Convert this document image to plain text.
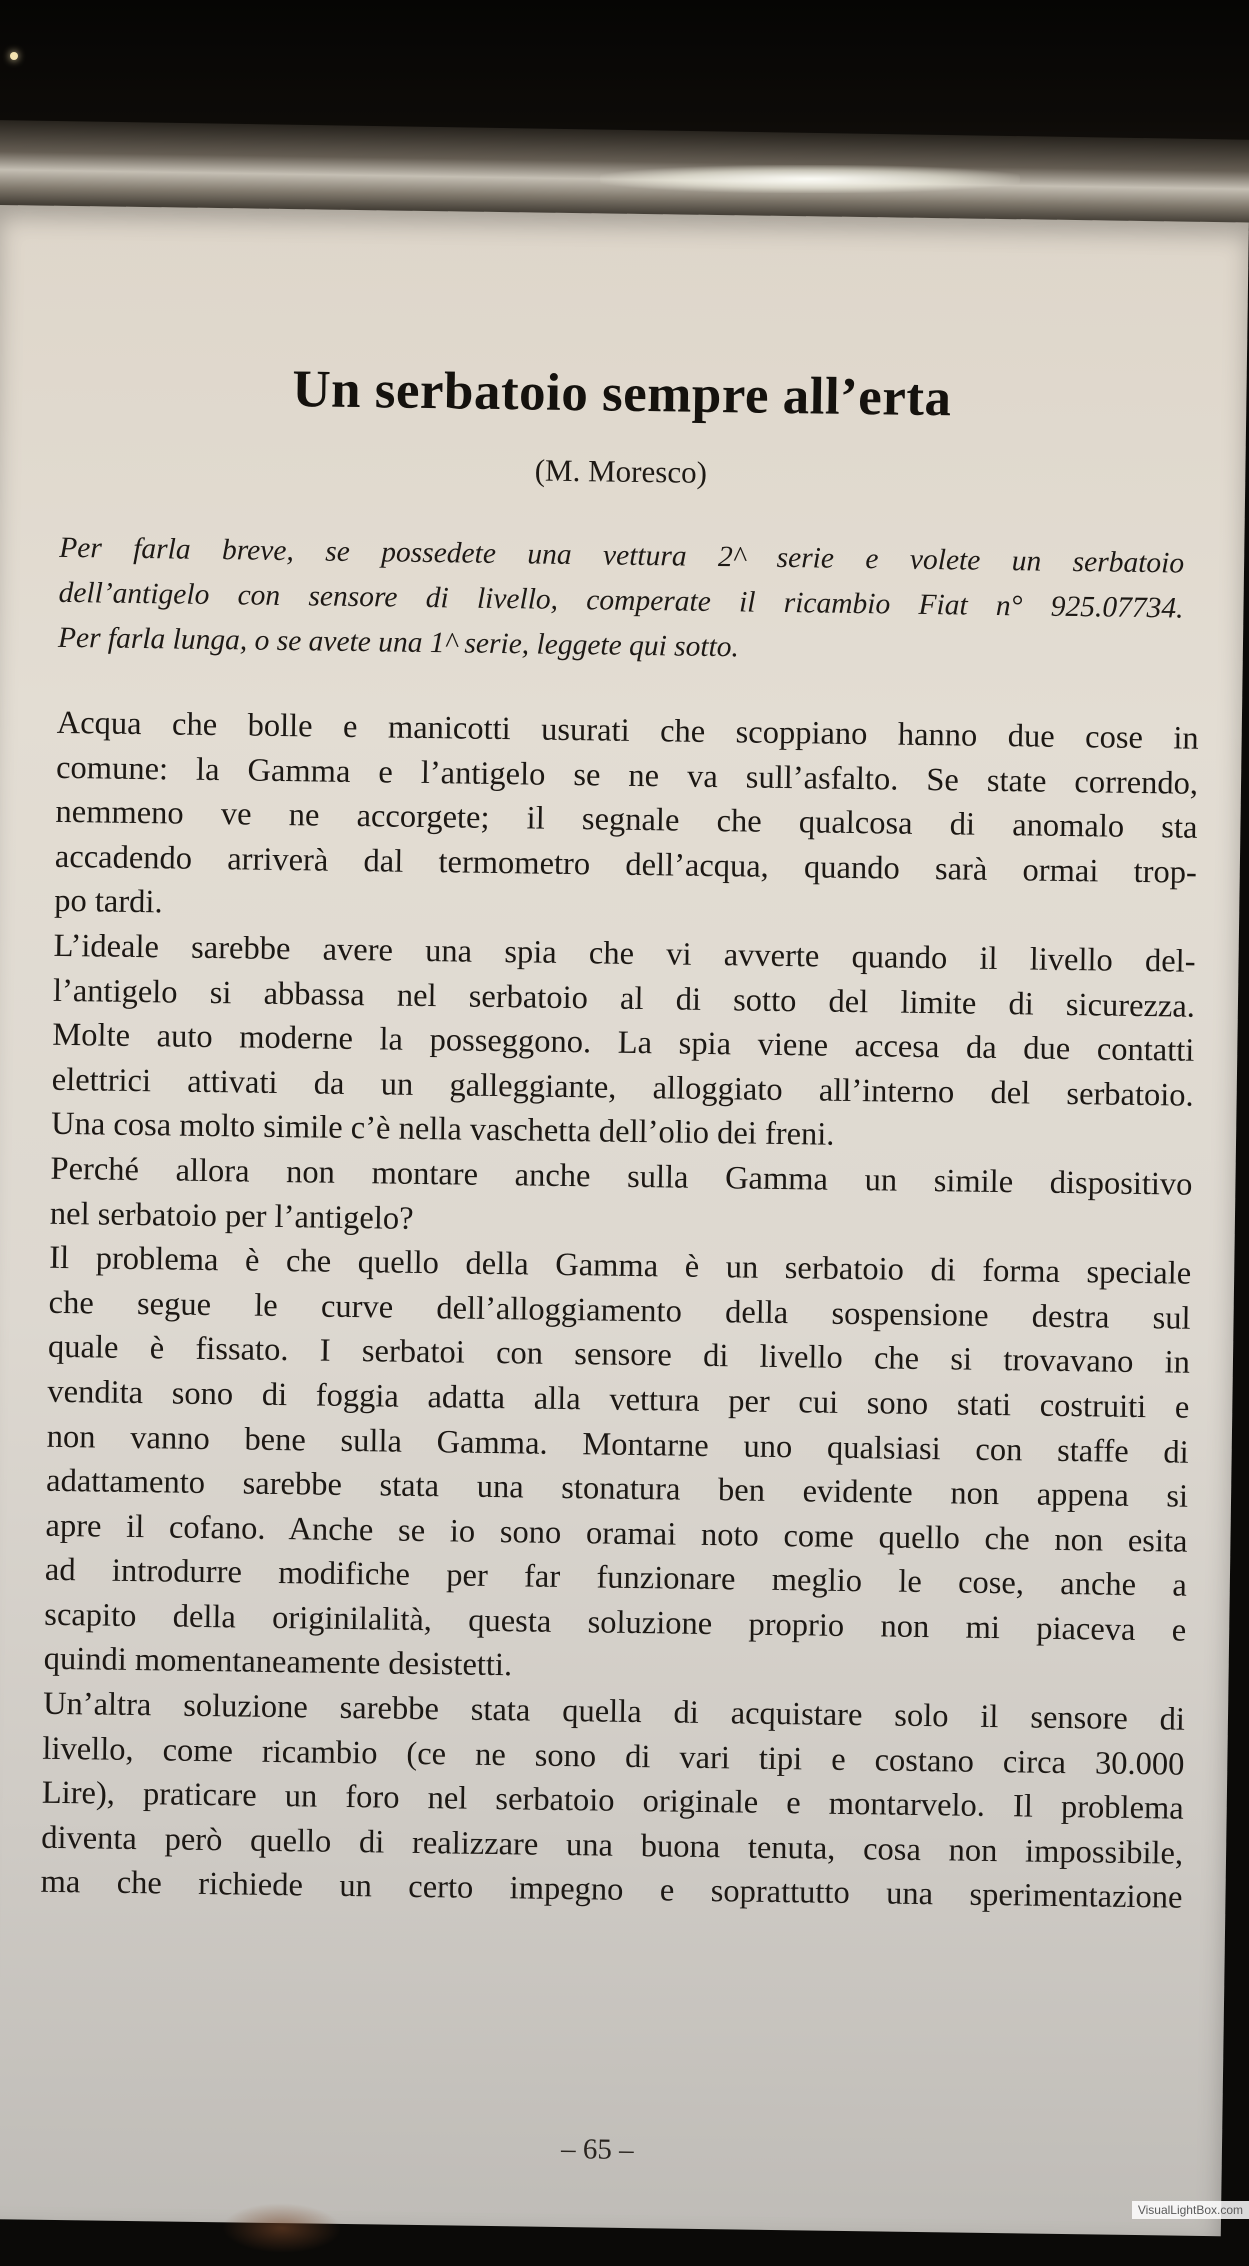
Un serbatoio sempre all’erta

(M. Moresco)

Per farla breve, se possedete una vettura 2^ serie e volete un serbatoio
dell’antigelo con sensore di livello, comperate il ricambio Fiat n° 925.07734.
Per farla lunga, o se avete una 1^ serie, leggete qui sotto.

Acqua che bolle e manicotti usurati che scoppiano hanno due cose in
comune: la Gamma e l’antigelo se ne va sull’asfalto. Se state correndo,
nemmeno ve ne accorgete; il segnale che qualcosa di anomalo sta
accadendo arriverà dal termometro dell’acqua, quando sarà ormai trop-
po tardi.
L’ideale sarebbe avere una spia che vi avverte quando il livello del-
l’antigelo si abbassa nel serbatoio al di sotto del limite di sicurezza.
Molte auto moderne la posseggono. La spia viene accesa da due contatti
elettrici attivati da un galleggiante, alloggiato all’interno del serbatoio.
Una cosa molto simile c’è nella vaschetta dell’olio dei freni.
Perché allora non montare anche sulla Gamma un simile dispositivo
nel serbatoio per l’antigelo?
Il problema è che quello della Gamma è un serbatoio di forma speciale
che segue le curve dell’alloggiamento della sospensione destra sul
quale è fissato. I serbatoi con sensore di livello che si trovavano in
vendita sono di foggia adatta alla vettura per cui sono stati costruiti e
non vanno bene sulla Gamma. Montarne uno qualsiasi con staffe di
adattamento sarebbe stata una stonatura ben evidente non appena si
apre il cofano. Anche se io sono oramai noto come quello che non esita
ad introdurre modifiche per far funzionare meglio le cose, anche a
scapito della originilalità, questa soluzione proprio non mi piaceva e
quindi momentaneamente desistetti.
Un’altra soluzione sarebbe stata quella di acquistare solo il sensore di
livello, come ricambio (ce ne sono di vari tipi e costano circa 30.000
Lire), praticare un foro nel serbatoio originale e montarvelo. Il problema
diventa però quello di realizzare una buona tenuta, cosa non impossibile,
ma che richiede un certo impegno e soprattutto una sperimentazione

– 65 –

VisualLightBox.com
